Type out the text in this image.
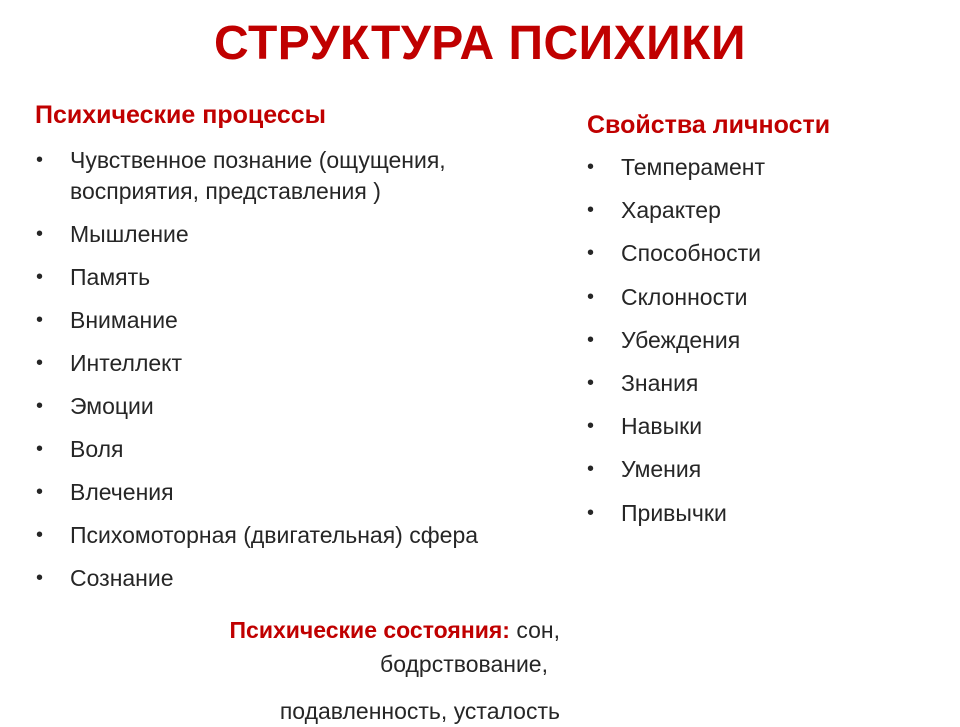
СТРУКТУРА ПСИХИКИ
Психические процессы
• Чувственное познание (ощущения, восприятия, представления )
• Мышление
• Память
• Внимание
• Интеллект
• Эмоции
• Воля
• Влечения
• Психомоторная (двигательная) сфера
• Сознание
Свойства личности
• Темперамент
• Характер
• Способности
• Склонности
• Убеждения
• Знания
• Навыки
• Умения
• Привычки
Психические состояния: сон,
бодрствование,
подавленность, усталость
